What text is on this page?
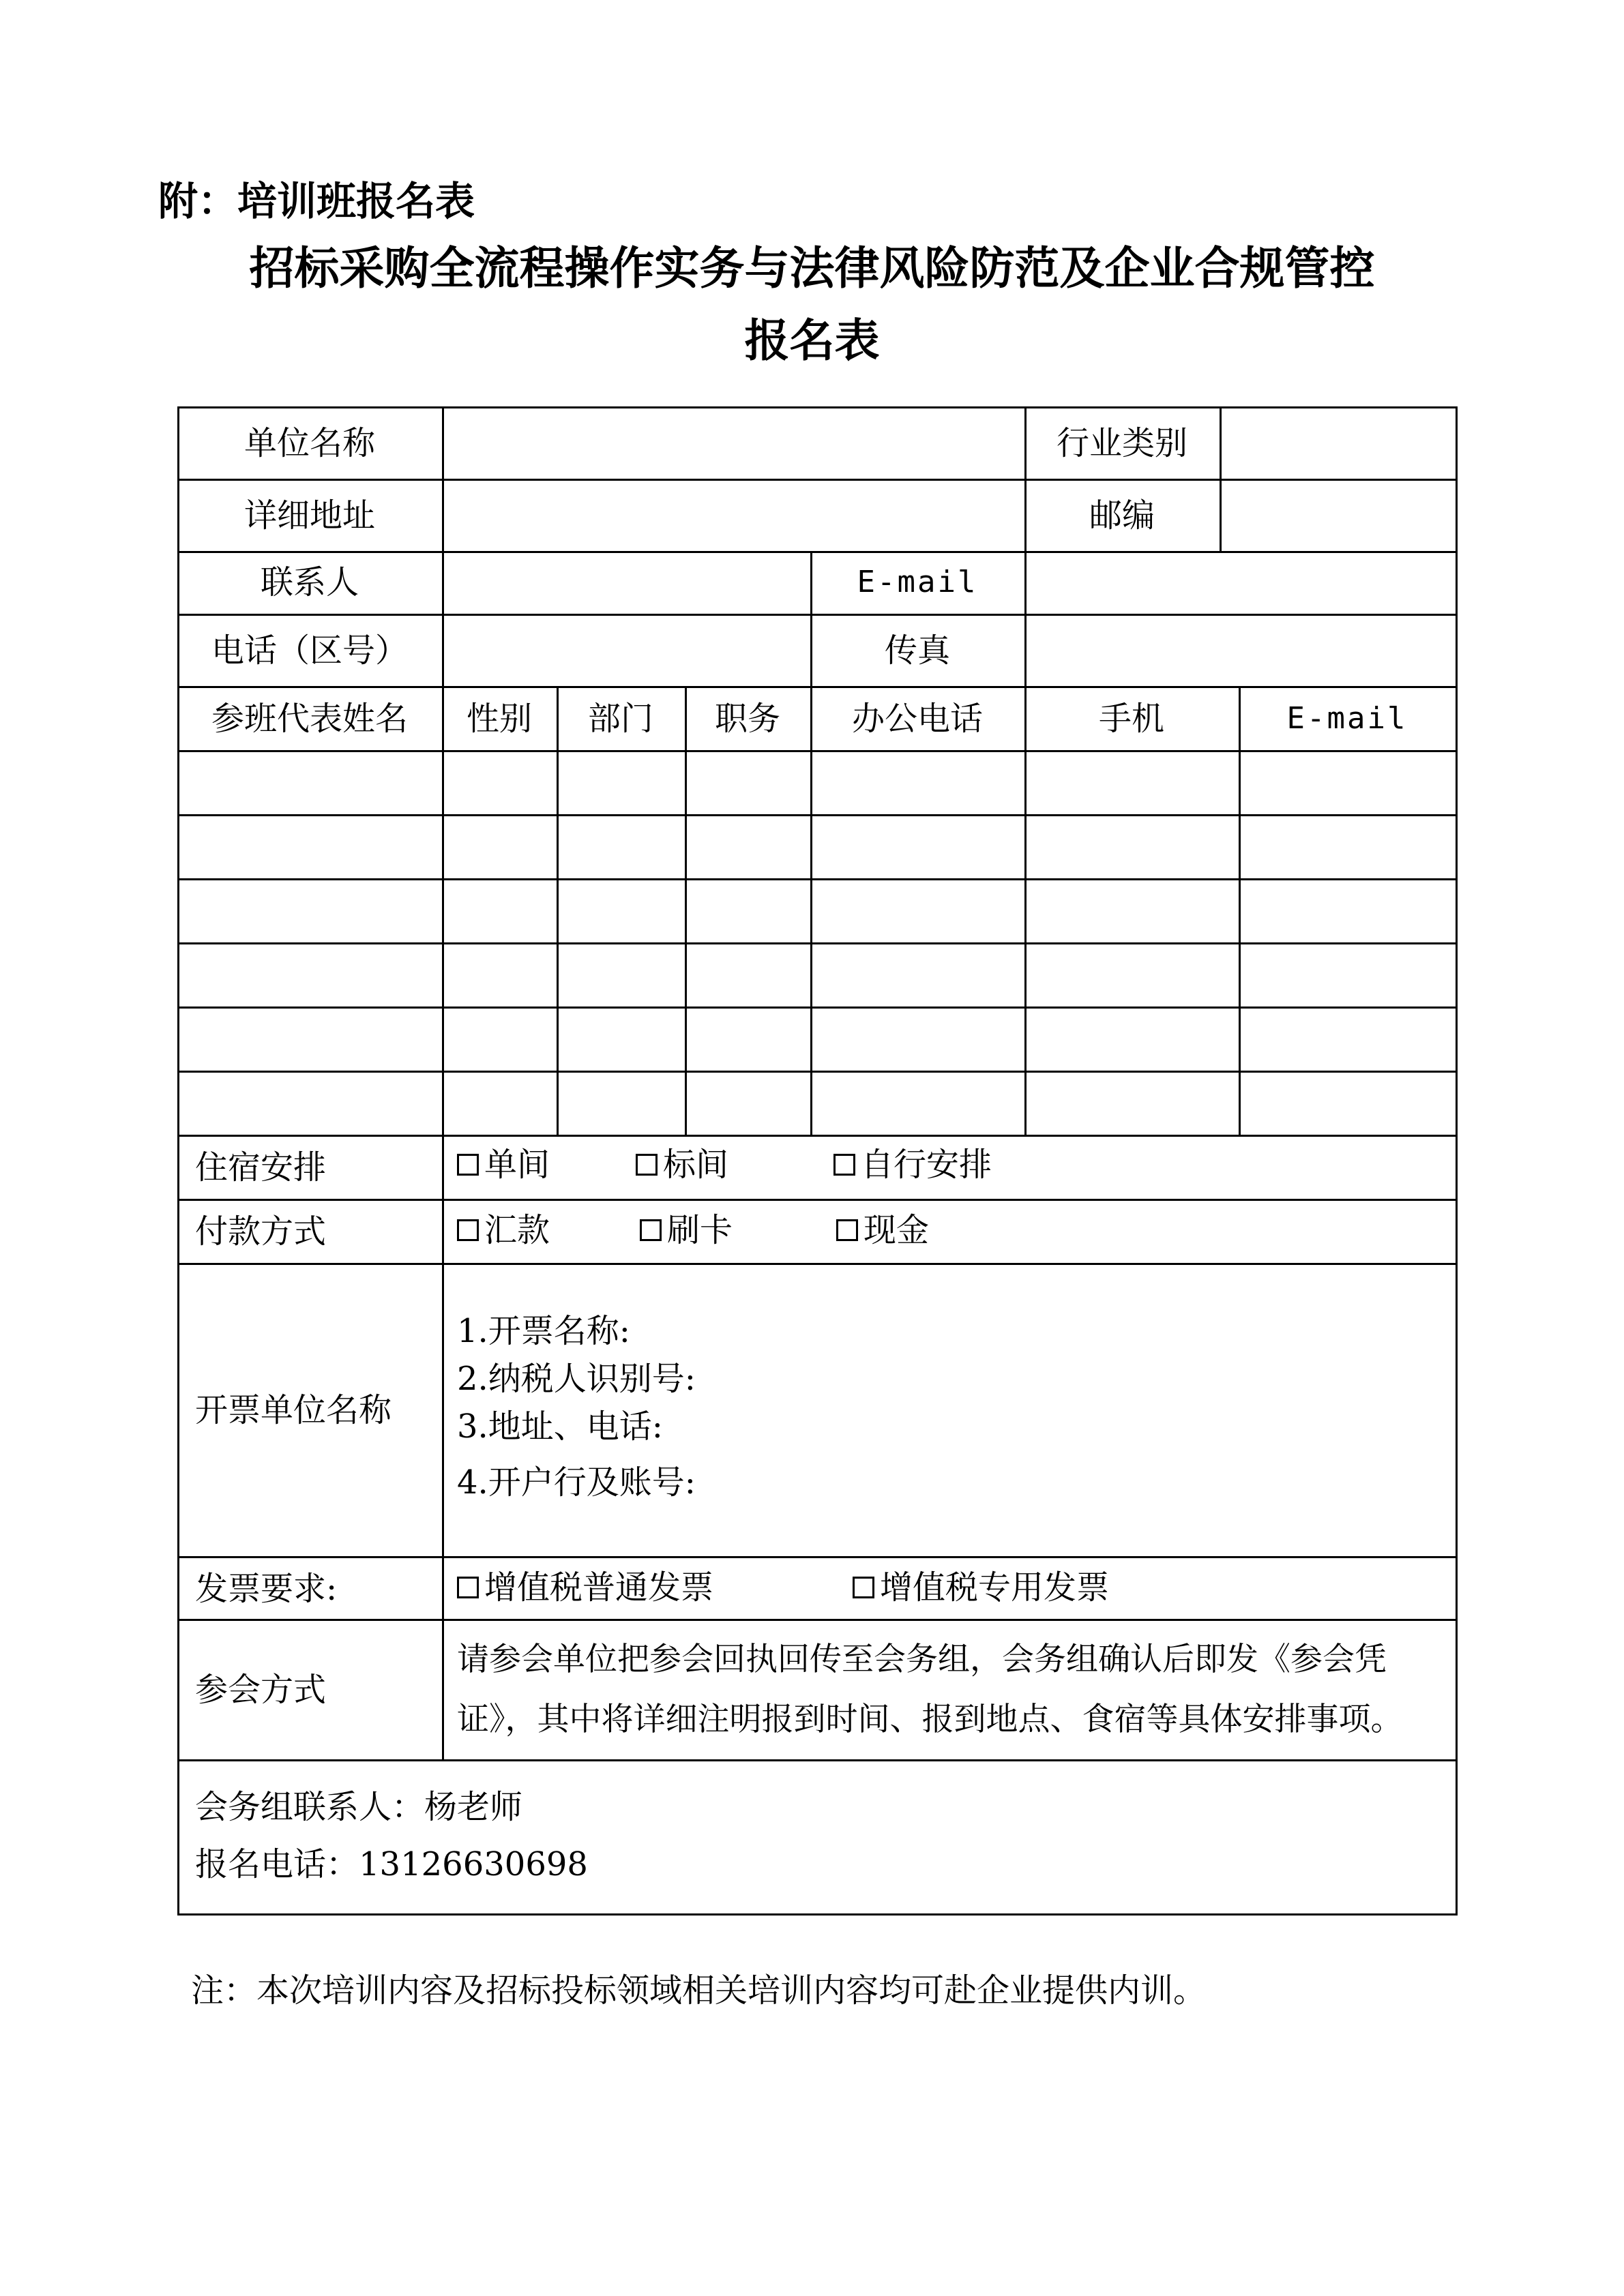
附：培训班报名表
招标采购全流程操作实务与法律风险防范及企业合规管控
报名表
单位名称	行业类别
详细地址	邮编
联系人	E-mail
电话（区号）	传真
参班代表姓名	性别	部门	职务	办公电话	手机	E-mail
住宿安排	单间	标间	自行安排
付款方式	汇款	刷卡	现金
开票单位名称
1.开票名称:
2.纳税人识别号:
3.地址、电话:
4.开户行及账号:
发票要求:	增值税普通发票	增值税专用发票
参会方式
请参会单位把参会回执回传至会务组，会务组确认后即发《参会凭
证》，其中将详细注明报到时间、报到地点、食宿等具体安排事项。
会务组联系人：杨老师
报名电话：13126630698
注：本次培训内容及招标投标领域相关培训内容均可赴企业提供内训。
